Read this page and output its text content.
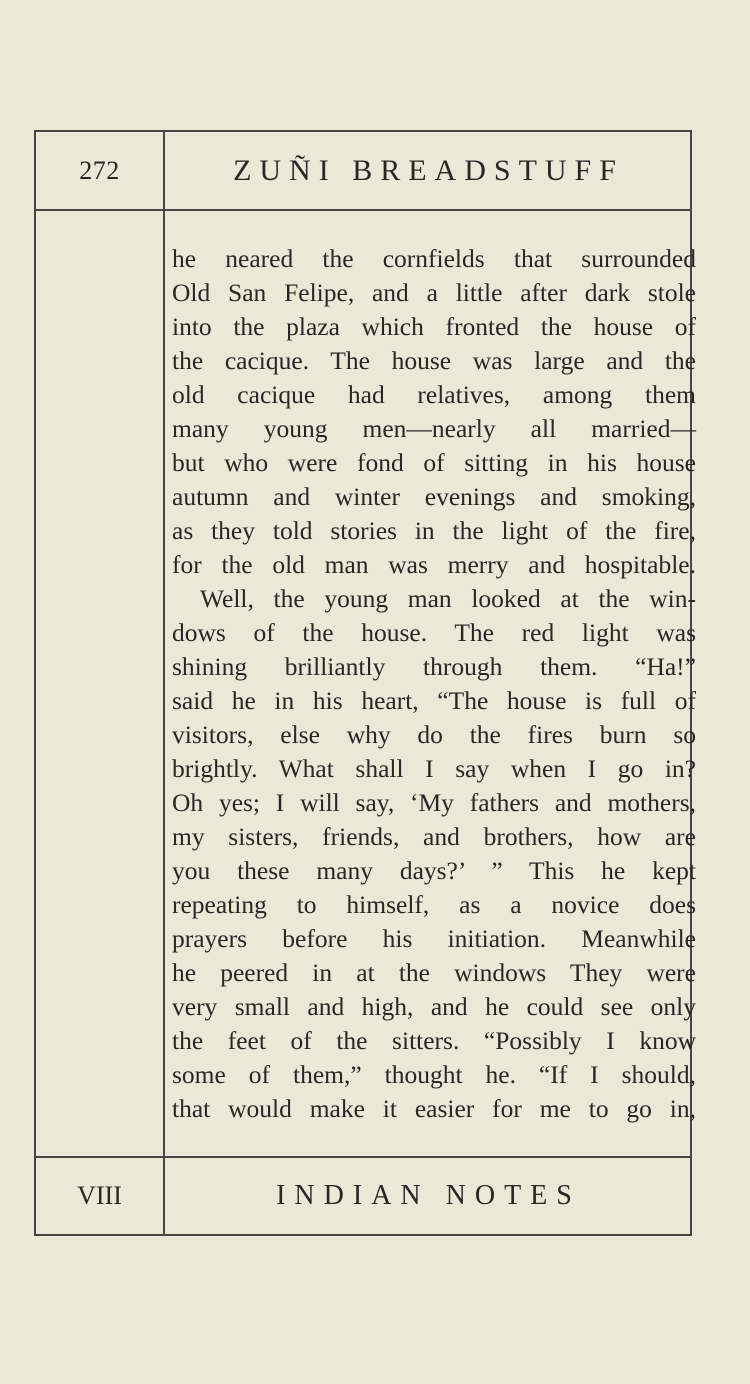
272	ZUÑI BREADSTUFF
he neared the cornfields that surrounded
Old San Felipe, and a little after dark stole
into the plaza which fronted the house of
the cacique. The house was large and the
old cacique had relatives, among them
many young men—nearly all married—
but who were fond of sitting in his house
autumn and winter evenings and smoking,
as they told stories in the light of the fire,
for the old man was merry and hospitable.
Well, the young man looked at the win-
dows of the house. The red light was
shining brilliantly through them. “Ha!”
said he in his heart, “The house is full of
visitors, else why do the fires burn so
brightly. What shall I say when I go in?
Oh yes; I will say, ‘My fathers and mothers,
my sisters, friends, and brothers, how are
you these many days?’ ” This he kept
repeating to himself, as a novice does
prayers before his initiation. Meanwhile
he peered in at the windows They were
very small and high, and he could see only
the feet of the sitters. “Possibly I know
some of them,” thought he. “If I should,
that would make it easier for me to go in,
VIII	INDIAN NOTES
